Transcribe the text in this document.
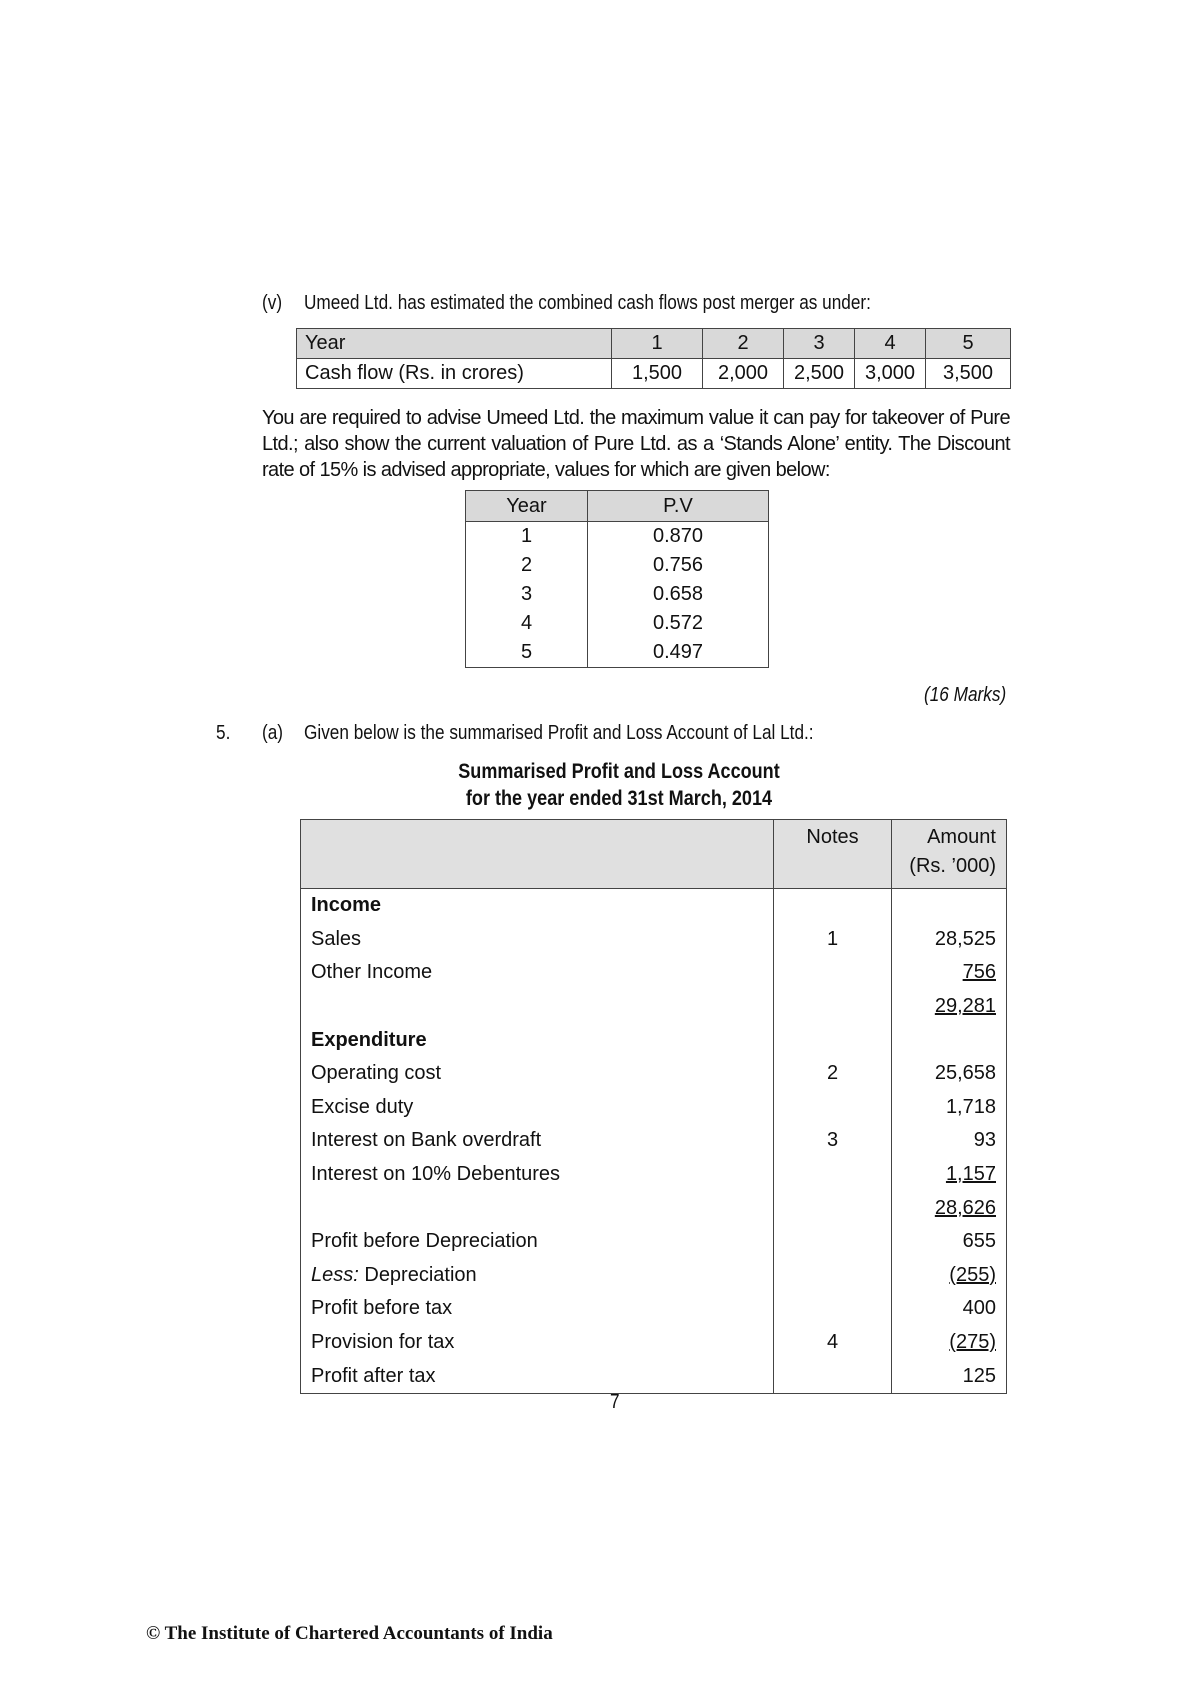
(v) Umeed Ltd. has estimated the combined cash flows post merger as under:
Year	1	2	3	4	5
Cash flow (Rs. in crores)	1,500	2,000	2,500	3,000	3,500
You are required to advise Umeed Ltd. the maximum value it can pay for takeover of Pure Ltd.; also show the current valuation of Pure Ltd. as a ‘Stands Alone’ entity. The Discount rate of 15% is advised appropriate, values for which are given below:
Year	P.V
1	0.870
2	0.756
3	0.658
4	0.572
5	0.497
(16 Marks)
5. (a) Given below is the summarised Profit and Loss Account of Lal Ltd.:
Summarised Profit and Loss Account
for the year ended 31st March, 2014
	Notes	Amount
(Rs. ’000)

Income		
Sales	1	28,525
Other Income		756
		29,281
Expenditure		
Operating cost	2	25,658
Excise duty		1,718
Interest on Bank overdraft	3	93
Interest on 10% Debentures		1,157
		28,626
Profit before Depreciation		655
Less: Depreciation		(255)
Profit before tax		400
Provision for tax	4	(275)
Profit after tax		125
7
© The Institute of Chartered Accountants of India
